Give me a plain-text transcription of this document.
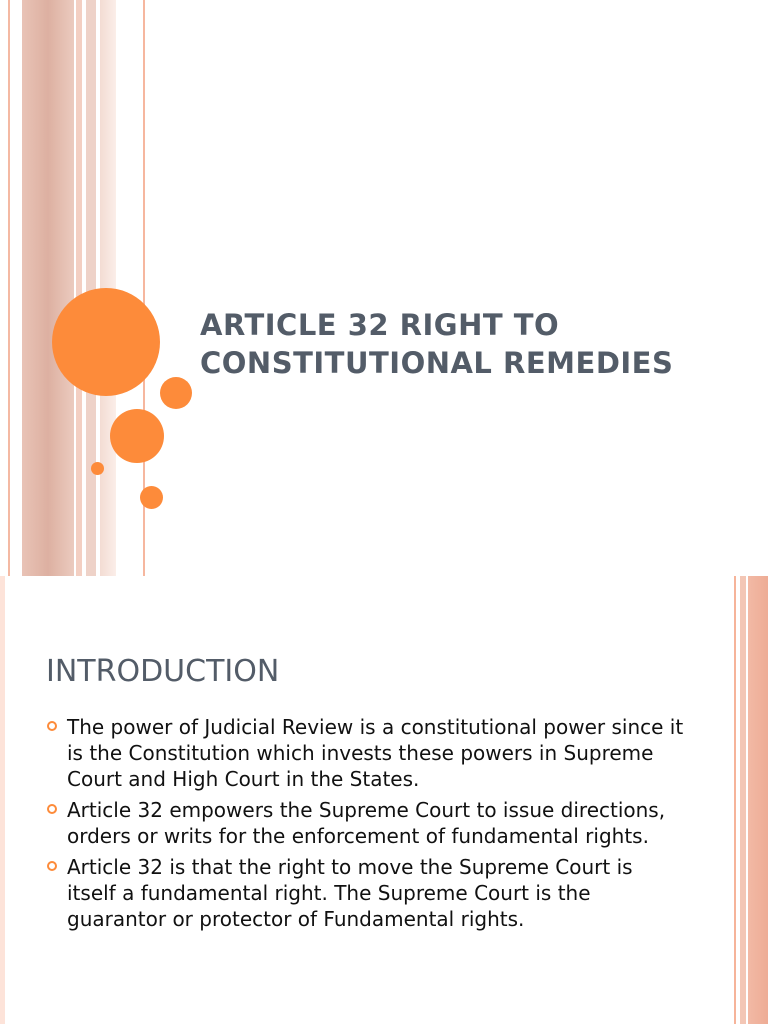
ARTICLE 32 RIGHT TO CONSTITUTIONAL REMEDIES
INTRODUCTION
The power of Judicial Review is a constitutional power since it is the Constitution which invests these powers in Supreme Court and High Court in the States.
Article 32 empowers the Supreme Court to issue directions, orders or writs for the enforcement of fundamental rights.
Article 32 is that the right to move the Supreme Court is itself a fundamental right. The Supreme Court is the guarantor or protector of Fundamental rights.
